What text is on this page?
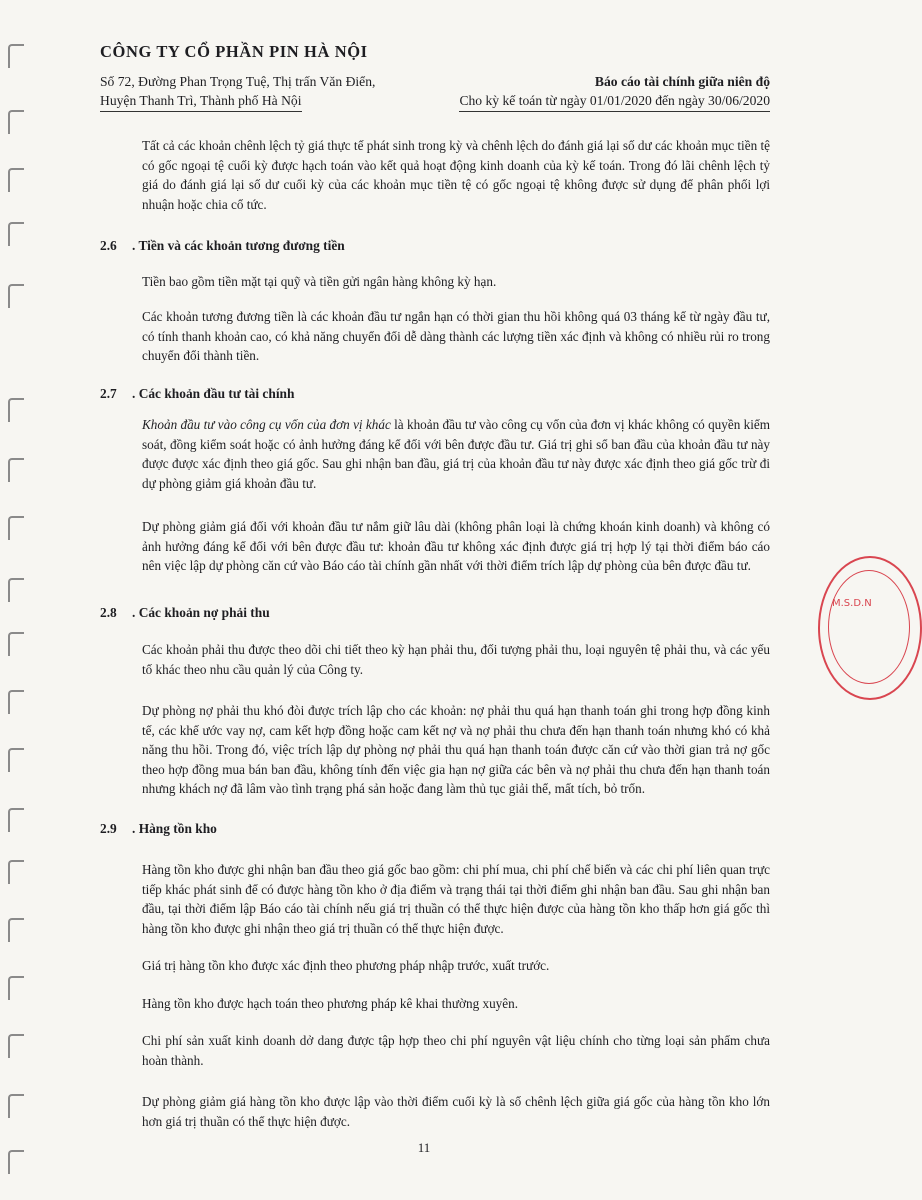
CÔNG TY CỔ PHẦN PIN HÀ NỘI
Số 72, Đường Phan Trọng Tuệ, Thị trấn Văn Điển,	Báo cáo tài chính giữa niên độ
Huyện Thanh Trì, Thành phố Hà Nội	Cho kỳ kế toán từ ngày 01/01/2020 đến ngày 30/06/2020

Tất cả các khoản chênh lệch tỷ giá thực tế phát sinh trong kỳ và chênh lệch do đánh giá lại số dư các khoản mục tiền tệ có gốc ngoại tệ cuối kỳ được hạch toán vào kết quả hoạt động kinh doanh của kỳ kế toán. Trong đó lãi chênh lệch tỷ giá do đánh giá lại số dư cuối kỳ của các khoản mục tiền tệ có gốc ngoại tệ không được sử dụng để phân phối lợi nhuận hoặc chia cổ tức.

2.6	. Tiền và các khoản tương đương tiền

Tiền bao gồm tiền mặt tại quỹ và tiền gửi ngân hàng không kỳ hạn.

Các khoản tương đương tiền là các khoản đầu tư ngắn hạn có thời gian thu hồi không quá 03 tháng kể từ ngày đầu tư, có tính thanh khoản cao, có khả năng chuyển đổi dễ dàng thành các lượng tiền xác định và không có nhiều rủi ro trong chuyển đổi thành tiền.

2.7	. Các khoản đầu tư tài chính

Khoản đầu tư vào công cụ vốn của đơn vị khác là khoản đầu tư vào công cụ vốn của đơn vị khác không có quyền kiểm soát, đồng kiểm soát hoặc có ảnh hưởng đáng kể đối với bên được đầu tư. Giá trị ghi sổ ban đầu của khoản đầu tư này được được xác định theo giá gốc. Sau ghi nhận ban đầu, giá trị của khoản đầu tư này được xác định theo giá gốc trừ đi dự phòng giảm giá khoản đầu tư.

Dự phòng giảm giá đối với khoản đầu tư nắm giữ lâu dài (không phân loại là chứng khoán kinh doanh) và không có ảnh hưởng đáng kể đối với bên được đầu tư: khoản đầu tư không xác định được giá trị hợp lý tại thời điểm báo cáo nên việc lập dự phòng căn cứ vào Báo cáo tài chính gần nhất với thời điểm trích lập dự phòng của bên được đầu tư.

2.8	. Các khoản nợ phải thu

Các khoản phải thu được theo dõi chi tiết theo kỳ hạn phải thu, đối tượng phải thu, loại nguyên tệ phải thu, và các yếu tố khác theo nhu cầu quản lý của Công ty.

Dự phòng nợ phải thu khó đòi được trích lập cho các khoản: nợ phải thu quá hạn thanh toán ghi trong hợp đồng kinh tế, các khế ước vay nợ, cam kết hợp đồng hoặc cam kết nợ và nợ phải thu chưa đến hạn thanh toán nhưng khó có khả năng thu hồi. Trong đó, việc trích lập dự phòng nợ phải thu quá hạn thanh toán được căn cứ vào thời gian trả nợ gốc theo hợp đồng mua bán ban đầu, không tính đến việc gia hạn nợ giữa các bên và nợ phải thu chưa đến hạn thanh toán nhưng khách nợ đã lâm vào tình trạng phá sản hoặc đang làm thủ tục giải thể, mất tích, bỏ trốn.

2.9	. Hàng tồn kho

Hàng tồn kho được ghi nhận ban đầu theo giá gốc bao gồm: chi phí mua, chi phí chế biến và các chi phí liên quan trực tiếp khác phát sinh để có được hàng tồn kho ở địa điểm và trạng thái tại thời điểm ghi nhận ban đầu. Sau ghi nhận ban đầu, tại thời điểm lập Báo cáo tài chính nếu giá trị thuần có thể thực hiện được của hàng tồn kho thấp hơn giá gốc thì hàng tồn kho được ghi nhận theo giá trị thuần có thể thực hiện được.

Giá trị hàng tồn kho được xác định theo phương pháp nhập trước, xuất trước.

Hàng tồn kho được hạch toán theo phương pháp kê khai thường xuyên.

Chi phí sản xuất kinh doanh dở dang được tập hợp theo chi phí nguyên vật liệu chính cho từng loại sản phẩm chưa hoàn thành.

Dự phòng giảm giá hàng tồn kho được lập vào thời điểm cuối kỳ là số chênh lệch giữa giá gốc của hàng tồn kho lớn hơn giá trị thuần có thể thực hiện được.

M.S.D.N
11
